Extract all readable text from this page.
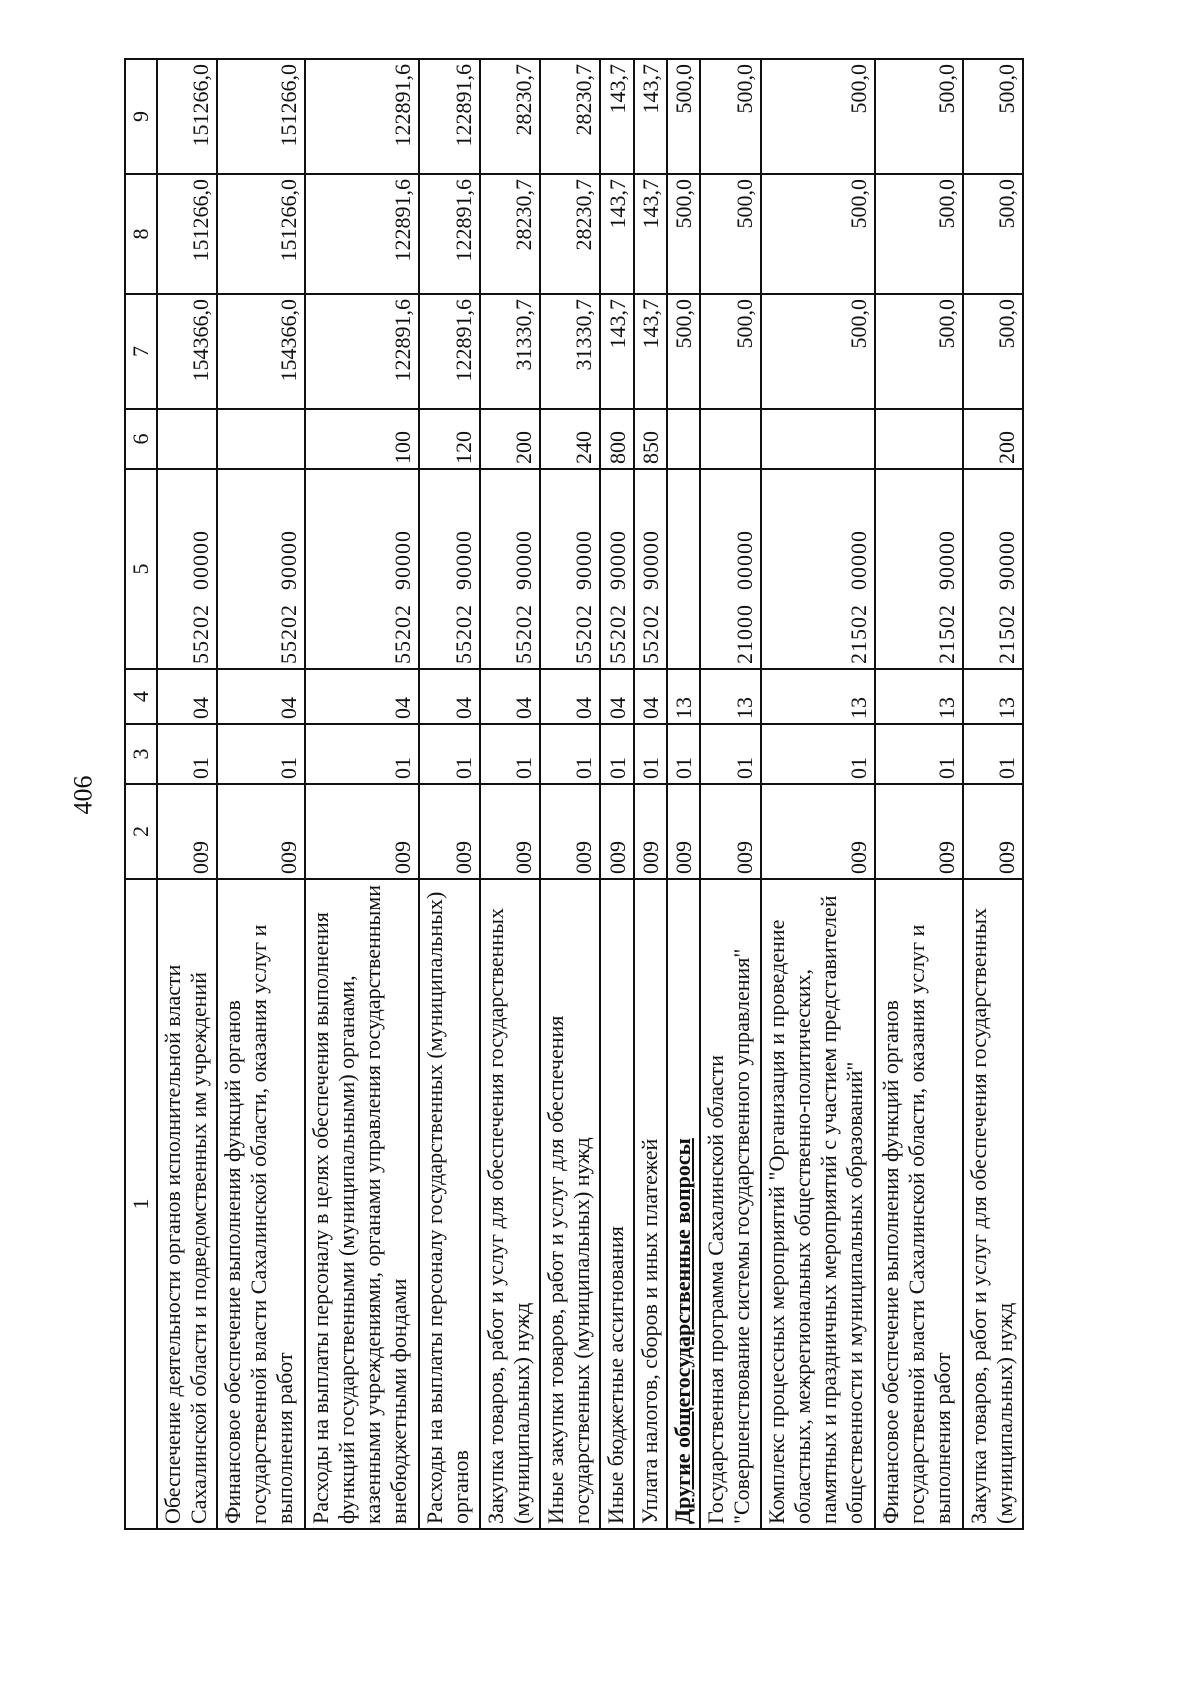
406
1	2	3	4	5	6	7	8	9
Обеспечение деятельности органов исполнительной власти Сахалинской области и подведомственных им учреждений	009	01	04	5520200000		154366,0	151266,0	151266,0
Финансовое обеспечение выполнения функций органов государственной власти Сахалинской области, оказания услуг и выполнения работ	009	01	04	5520290000		154366,0	151266,0	151266,0
Расходы на выплаты персоналу в целях обеспечения выполнения функций государственными (муниципальными) органами, казенными учреждениями, органами управления государственными внебюджетными фондами	009	01	04	5520290000	100	122891,6	122891,6	122891,6
Расходы на выплаты персоналу государственных (муниципальных) органов	009	01	04	5520290000	120	122891,6	122891,6	122891,6
Закупка товаров, работ и услуг для обеспечения государственных (муниципальных) нужд	009	01	04	5520290000	200	31330,7	28230,7	28230,7
Иные закупки товаров, работ и услуг для обеспечения государственных (муниципальных) нужд	009	01	04	5520290000	240	31330,7	28230,7	28230,7
Иные бюджетные ассигнования	009	01	04	5520290000	800	143,7	143,7	143,7
Уплата налогов, сборов и иных платежей	009	01	04	5520290000	850	143,7	143,7	143,7
Другие общегосударственные вопросы	009	01	13			500,0	500,0	500,0
Государственная программа Сахалинской области "Совершенствование системы государственного управления"	009	01	13	2100000000		500,0	500,0	500,0
Комплекс процессных мероприятий "Организация и проведение областных, межрегиональных общественно-политических, памятных и праздничных мероприятий с участием представителей общественности и муниципальных образований"	009	01	13	2150200000		500,0	500,0	500,0
Финансовое обеспечение выполнения функций органов государственной власти Сахалинской области, оказания услуг и выполнения работ	009	01	13	2150290000		500,0	500,0	500,0
Закупка товаров, работ и услуг для обеспечения государственных (муниципальных) нужд	009	01	13	2150290000	200	500,0	500,0	500,0
